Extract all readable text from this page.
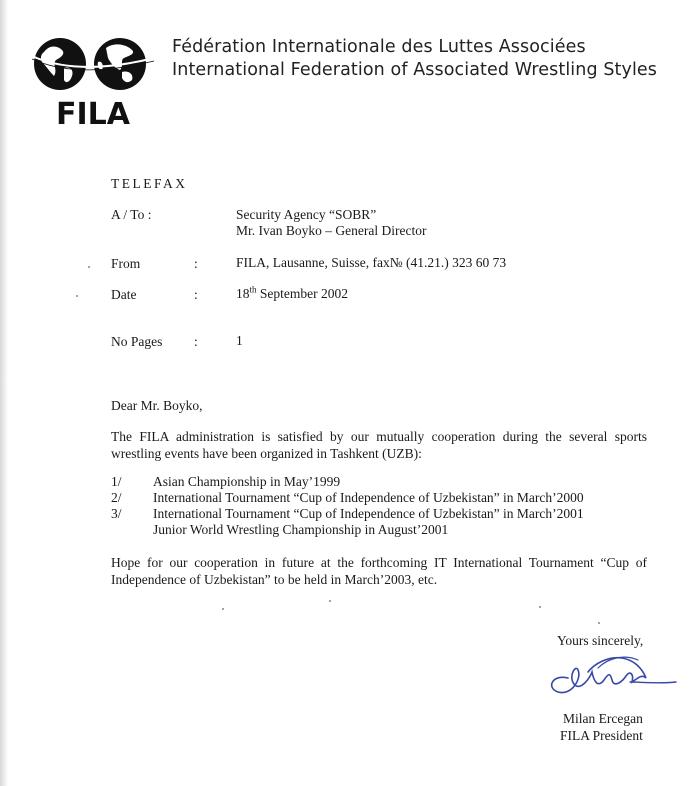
FILA
Fédération Internationale des Luttes Associées
International Federation of Associated Wrestling Styles
TELEFAX
A / To :	Security Agency “SOBR”
Mr. Ivan Boyko – General Director
From	:	FILA, Lausanne, Suisse, fax№ (41.21.) 323 60 73
Date	:	18th September 2002
No Pages :	1
Dear Mr. Boyko,
The FILA administration is satisfied by our mutually cooperation during the several sports
wrestling events have been organized in Tashkent (UZB):
1/ Asian Championship in May’1999
2/ International Tournament “Cup of Independence of Uzbekistan” in March’2000
3/ International Tournament “Cup of Independence of Uzbekistan” in March’2001
Junior World Wrestling Championship in August’2001
Hope for our cooperation in future at the forthcoming IT International Tournament “Cup of
Independence of Uzbekistan” to be held in March’2003, etc.
Yours sincerely,
Milan Ercegan
FILA President
